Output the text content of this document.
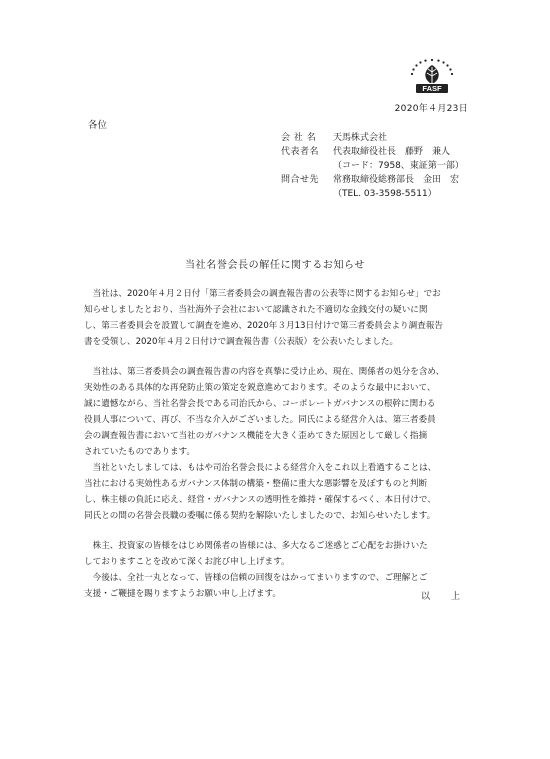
FASF
2020年４月23日
各位
会 社 名	天馬株式会社
代表者名	代表取締役社長　藤野　兼人
（コード：7958、東証第一部）
問合せ先	常務取締役総務部長　金田　宏
（TEL. 03-3598-5511）
当社名誉会長の解任に関するお知らせ

　当社は、2020年４月２日付「第三者委員会の調査報告書の公表等に関するお知らせ」でお
知らせしましたとおり、当社海外子会社において認識された不適切な金銭交付の疑いに関
し、第三者委員会を設置して調査を進め、2020年３月13日付けで第三者委員会より調査報告
書を受領し、2020年４月２日付けで調査報告書（公表版）を公表いたしました。

　当社は、第三者委員会の調査報告書の内容を真摯に受け止め、現在、関係者の処分を含め、
実効性のある具体的な再発防止策の策定を鋭意進めております。そのような最中において、
誠に遺憾ながら、当社名誉会長である司治氏から、コーポレートガバナンスの根幹に関わる
役員人事について、再び、不当な介入がございました。同氏による経営介入は、第三者委員
会の調査報告書において当社のガバナンス機能を大きく歪めてきた原因として厳しく指摘
されていたものであります。
　当社といたしましては、もはや司治名誉会長による経営介入をこれ以上看過することは、
当社における実効性あるガバナンス体制の構築・整備に重大な悪影響を及ぼすものと判断
し、株主様の負託に応え、経営・ガバナンスの透明性を維持・確保するべく、本日付けで、
同氏との間の名誉会長職の委嘱に係る契約を解除いたしましたので、お知らせいたします。

　株主、投資家の皆様をはじめ関係者の皆様には、多大なるご迷惑とご心配をお掛けいた
しておりますことを改めて深くお詫び申し上げます。
　今後は、全社一丸となって、皆様の信頼の回復をはかってまいりますので、ご理解とご
支援・ご鞭撻を賜りますようお願い申し上げます。	以　上
